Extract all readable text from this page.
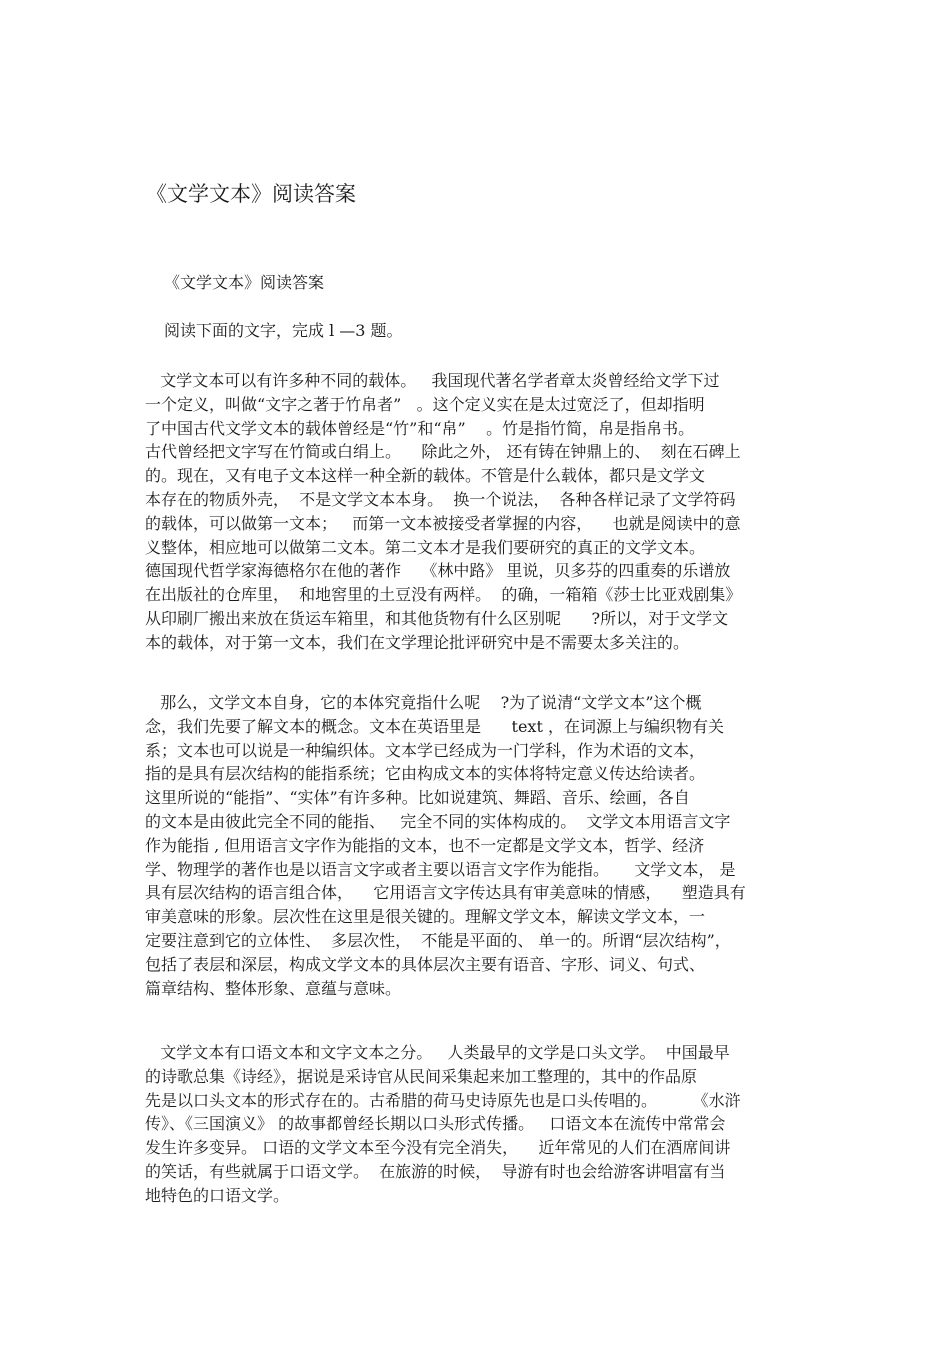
《文学文本》阅读答案
《文学文本》阅读答案

阅读下面的文字，完成 l —3 题。

文学文本可以有许多种不同的载体。   我国现代著名学者章太炎曾经给文学下过
一个定义，叫做“文字之著于竹帛者”   。这个定义实在是太过宽泛了，但却指明
了中国古代文学文本的载体曾经是“竹”和“帛”    。竹是指竹简，帛是指帛书。
古代曾经把文字写在竹简或白绢上。    除此之外， 还有铸在钟鼎上的、  刻在石碑上
的。现在，又有电子文本这样一种全新的载体。不管是什么载体，都只是文学文
本存在的物质外壳，  不是文学文本本身。  换一个说法，  各种各样记录了文学符码
的载体，可以做第一文本；   而第一文本被接受者掌握的内容，    也就是阅读中的意
义整体，相应地可以做第二文本。第二文本才是我们要研究的真正的文学文本。
德国现代哲学家海德格尔在他的著作    《林中路》 里说，贝多芬的四重奏的乐谱放
在出版社的仓库里，  和地窖里的土豆没有两样。  的确，一箱箱《莎士比亚戏剧集》
从印刷厂搬出来放在货运车箱里，和其他货物有什么区别呢      ?所以，对于文学文
本的载体，对于第一文本，我们在文学理论批评研究中是不需要太多关注的。
那么，文学文本自身，它的本体究竟指什么呢    ?为了说清“文学文本”这个概
念，我们先要了解文本的概念。文本在英语里是      text ，在词源上与编织物有关
系；文本也可以说是一种编织体。文本学已经成为一门学科，作为术语的文本，
指的是具有层次结构的能指系统；它由构成文本的实体将特定意义传达给读者。
这里所说的“能指”、“实体”有许多种。比如说建筑、舞蹈、音乐、绘画，各自
的文本是由彼此完全不同的能指、   完全不同的实体构成的。  文学文本用语言文字
作为能指 , 但用语言文字作为能指的文本，也不一定都是文学文本，哲学、经济
学、物理学的著作也是以语言文字或者主要以语言文字作为能指。     文学文本， 是
具有层次结构的语言组合体，    它用语言文字传达具有审美意味的情感，    塑造具有
审美意味的形象。层次性在这里是很关键的。理解文学文本，解读文学文本，一
定要注意到它的立体性、  多层次性，  不能是平面的、 单一的。所谓“层次结构”，
包括了表层和深层，构成文学文本的具体层次主要有语音、字形、词义、句式、
篇章结构、整体形象、意蕴与意味。
文学文本有口语文本和文字文本之分。   人类最早的文学是口头文学。  中国最早
的诗歌总集《诗经》，据说是采诗官从民间采集起来加工整理的，其中的作品原
先是以口头文本的形式存在的。古希腊的荷马史诗原先也是口头传唱的。       《水浒
传》、《三国演义》 的故事都曾经长期以口头形式传播。   口语文本在流传中常常会
发生许多变异。 口语的文学文本至今没有完全消失，    近年常见的人们在酒席间讲
的笑话，有些就属于口语文学。  在旅游的时候，  导游有时也会给游客讲唱富有当
地特色的口语文学。
